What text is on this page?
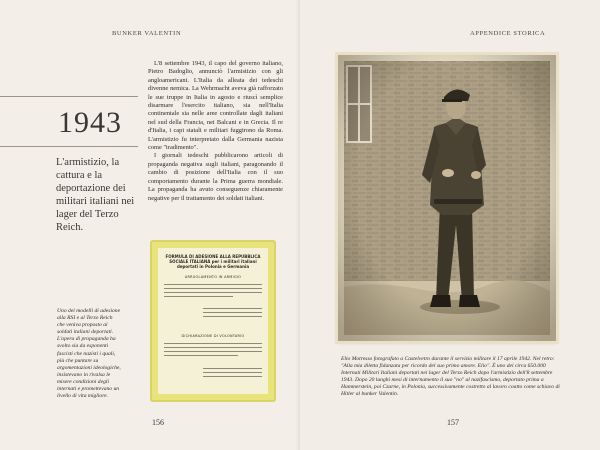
BUNKER VALENTIN
1943
L'armistizio, la cattura e la deportazione dei militari italiani nei lager del Terzo Reich.

L'8 settembre 1943, il capo del governo italiano, Pietro Badoglio, annunciò l'armistizio con gli angloamericani. L'Italia da alleata dei tedeschi divenne nemica. La Wehrmacht aveva già rafforzato le sue truppe in Italia in agosto e riuscì semplice disarmare l'esercito italiano, sia nell'Italia continentale sia nelle aree controllate dagli italiani nel sud della Francia, nei Balcani e in Grecia. Il re d'Italia, i capi statali e militari fuggirono da Roma. L'armistizio fu interpretato dalla Germania nazista come "tradimento".

I giornali tedeschi pubblicarono articoli di propaganda negativa sugli italiani, paragonando il cambio di posizione dell'Italia con il suo comportamento durante la Prima guerra mondiale. La propaganda ha avuto conseguenze chiaramente negative per il trattamento dei soldati italiani.

Uno dei modelli di adesione alla RSI e al Terzo Reich che veniva proposto ai soldati italiani deportati. L'opera di propaganda ha svolto sia da esponenti fascisti che nazisti i quali, più che puntare su argomentazioni ideologiche, insistevano in rivalsa le misere condizioni degli internati e promettevano un livello di vita migliore.
FORMULA DI ADESIONE ALLA REPUBBLICA SOCIALE ITALIANA per i militari italiani deportati in Polonia e Germania
ARRUOLAMENTO IN ARMIGIO
DICHIARAZIONE DI VOLONTARIO
156
APPENDICE STORICA
157
Elio Motresso fotografato a Castelvetro durante il servizio militare il 17 aprile 1942. Nel retro: "Alla mia diletta fidanzata per ricordo del suo primo amore. Elio". È uno dei circa 650.000 Internati Militari Italiani deportati nei lager del Terzo Reich dopo l'armistizio dell'8 settembre 1943. Dopo 20 lunghi mesi di internamento il suo "no" al nazifascismo, deportato prima a Hammerstein, poi Czarne, in Polonia, successivamente costretto al lavoro coatto come schiavo di Hitler al bunker Valentin.
